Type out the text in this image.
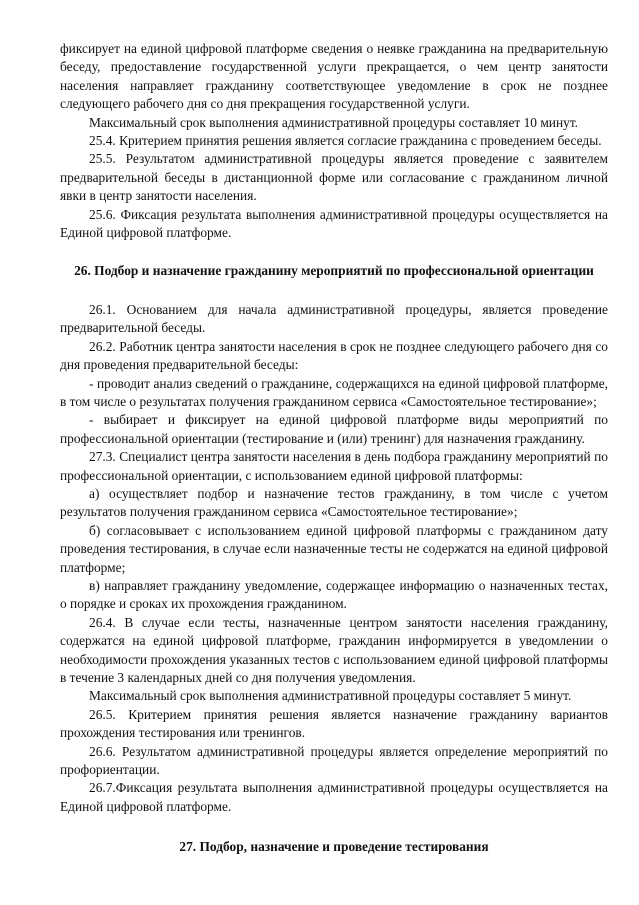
фиксирует на единой цифровой платформе сведения о неявке гражданина на предварительную беседу, предоставление государственной услуги прекращается, о чем центр занятости населения направляет гражданину соответствующее уведомление в срок не позднее следующего рабочего дня со дня прекращения государственной услуги.

Максимальный срок выполнения административной процедуры составляет 10 минут.

25.4. Критерием принятия решения является согласие гражданина с проведением беседы.

25.5. Результатом административной процедуры является проведение с заявителем предварительной беседы в дистанционной форме или согласование с гражданином личной явки в центр занятости населения.

25.6. Фиксация результата выполнения административной процедуры осуществляется на Единой цифровой платформе.

26. Подбор и назначение гражданину мероприятий по профессиональной ориентации

26.1. Основанием для начала административной процедуры, является проведение предварительной беседы.

26.2. Работник центра занятости населения в срок не позднее следующего рабочего дня со дня проведения предварительной беседы:

- проводит анализ сведений о гражданине, содержащихся на единой цифровой платформе, в том числе о результатах получения гражданином сервиса «Самостоятельное тестирование»;

- выбирает и фиксирует на единой цифровой платформе виды мероприятий по профессиональной ориентации (тестирование и (или) тренинг) для назначения гражданину.

27.3. Специалист центра занятости населения в день подбора гражданину мероприятий по профессиональной ориентации, с использованием единой цифровой платформы:

а) осуществляет подбор и назначение тестов гражданину, в том числе с учетом результатов получения гражданином сервиса «Самостоятельное тестирование»;

б) согласовывает с использованием единой цифровой платформы с гражданином дату проведения тестирования, в случае если назначенные тесты не содержатся на единой цифровой платформе;

в) направляет гражданину уведомление, содержащее информацию о назначенных тестах, о порядке и сроках их прохождения гражданином.

26.4. В случае если тесты, назначенные центром занятости населения гражданину, содержатся на единой цифровой платформе, гражданин информируется в уведомлении о необходимости прохождения указанных тестов с использованием единой цифровой платформы в течение 3 календарных дней со дня получения уведомления.

Максимальный срок выполнения административной процедуры составляет 5 минут.

26.5. Критерием принятия решения является назначение гражданину вариантов прохождения тестирования или тренингов.

26.6. Результатом административной процедуры является определение мероприятий по профориентации.

26.7.Фиксация результата выполнения административной процедуры осуществляется на Единой цифровой платформе.

27. Подбор, назначение и проведение тестирования
